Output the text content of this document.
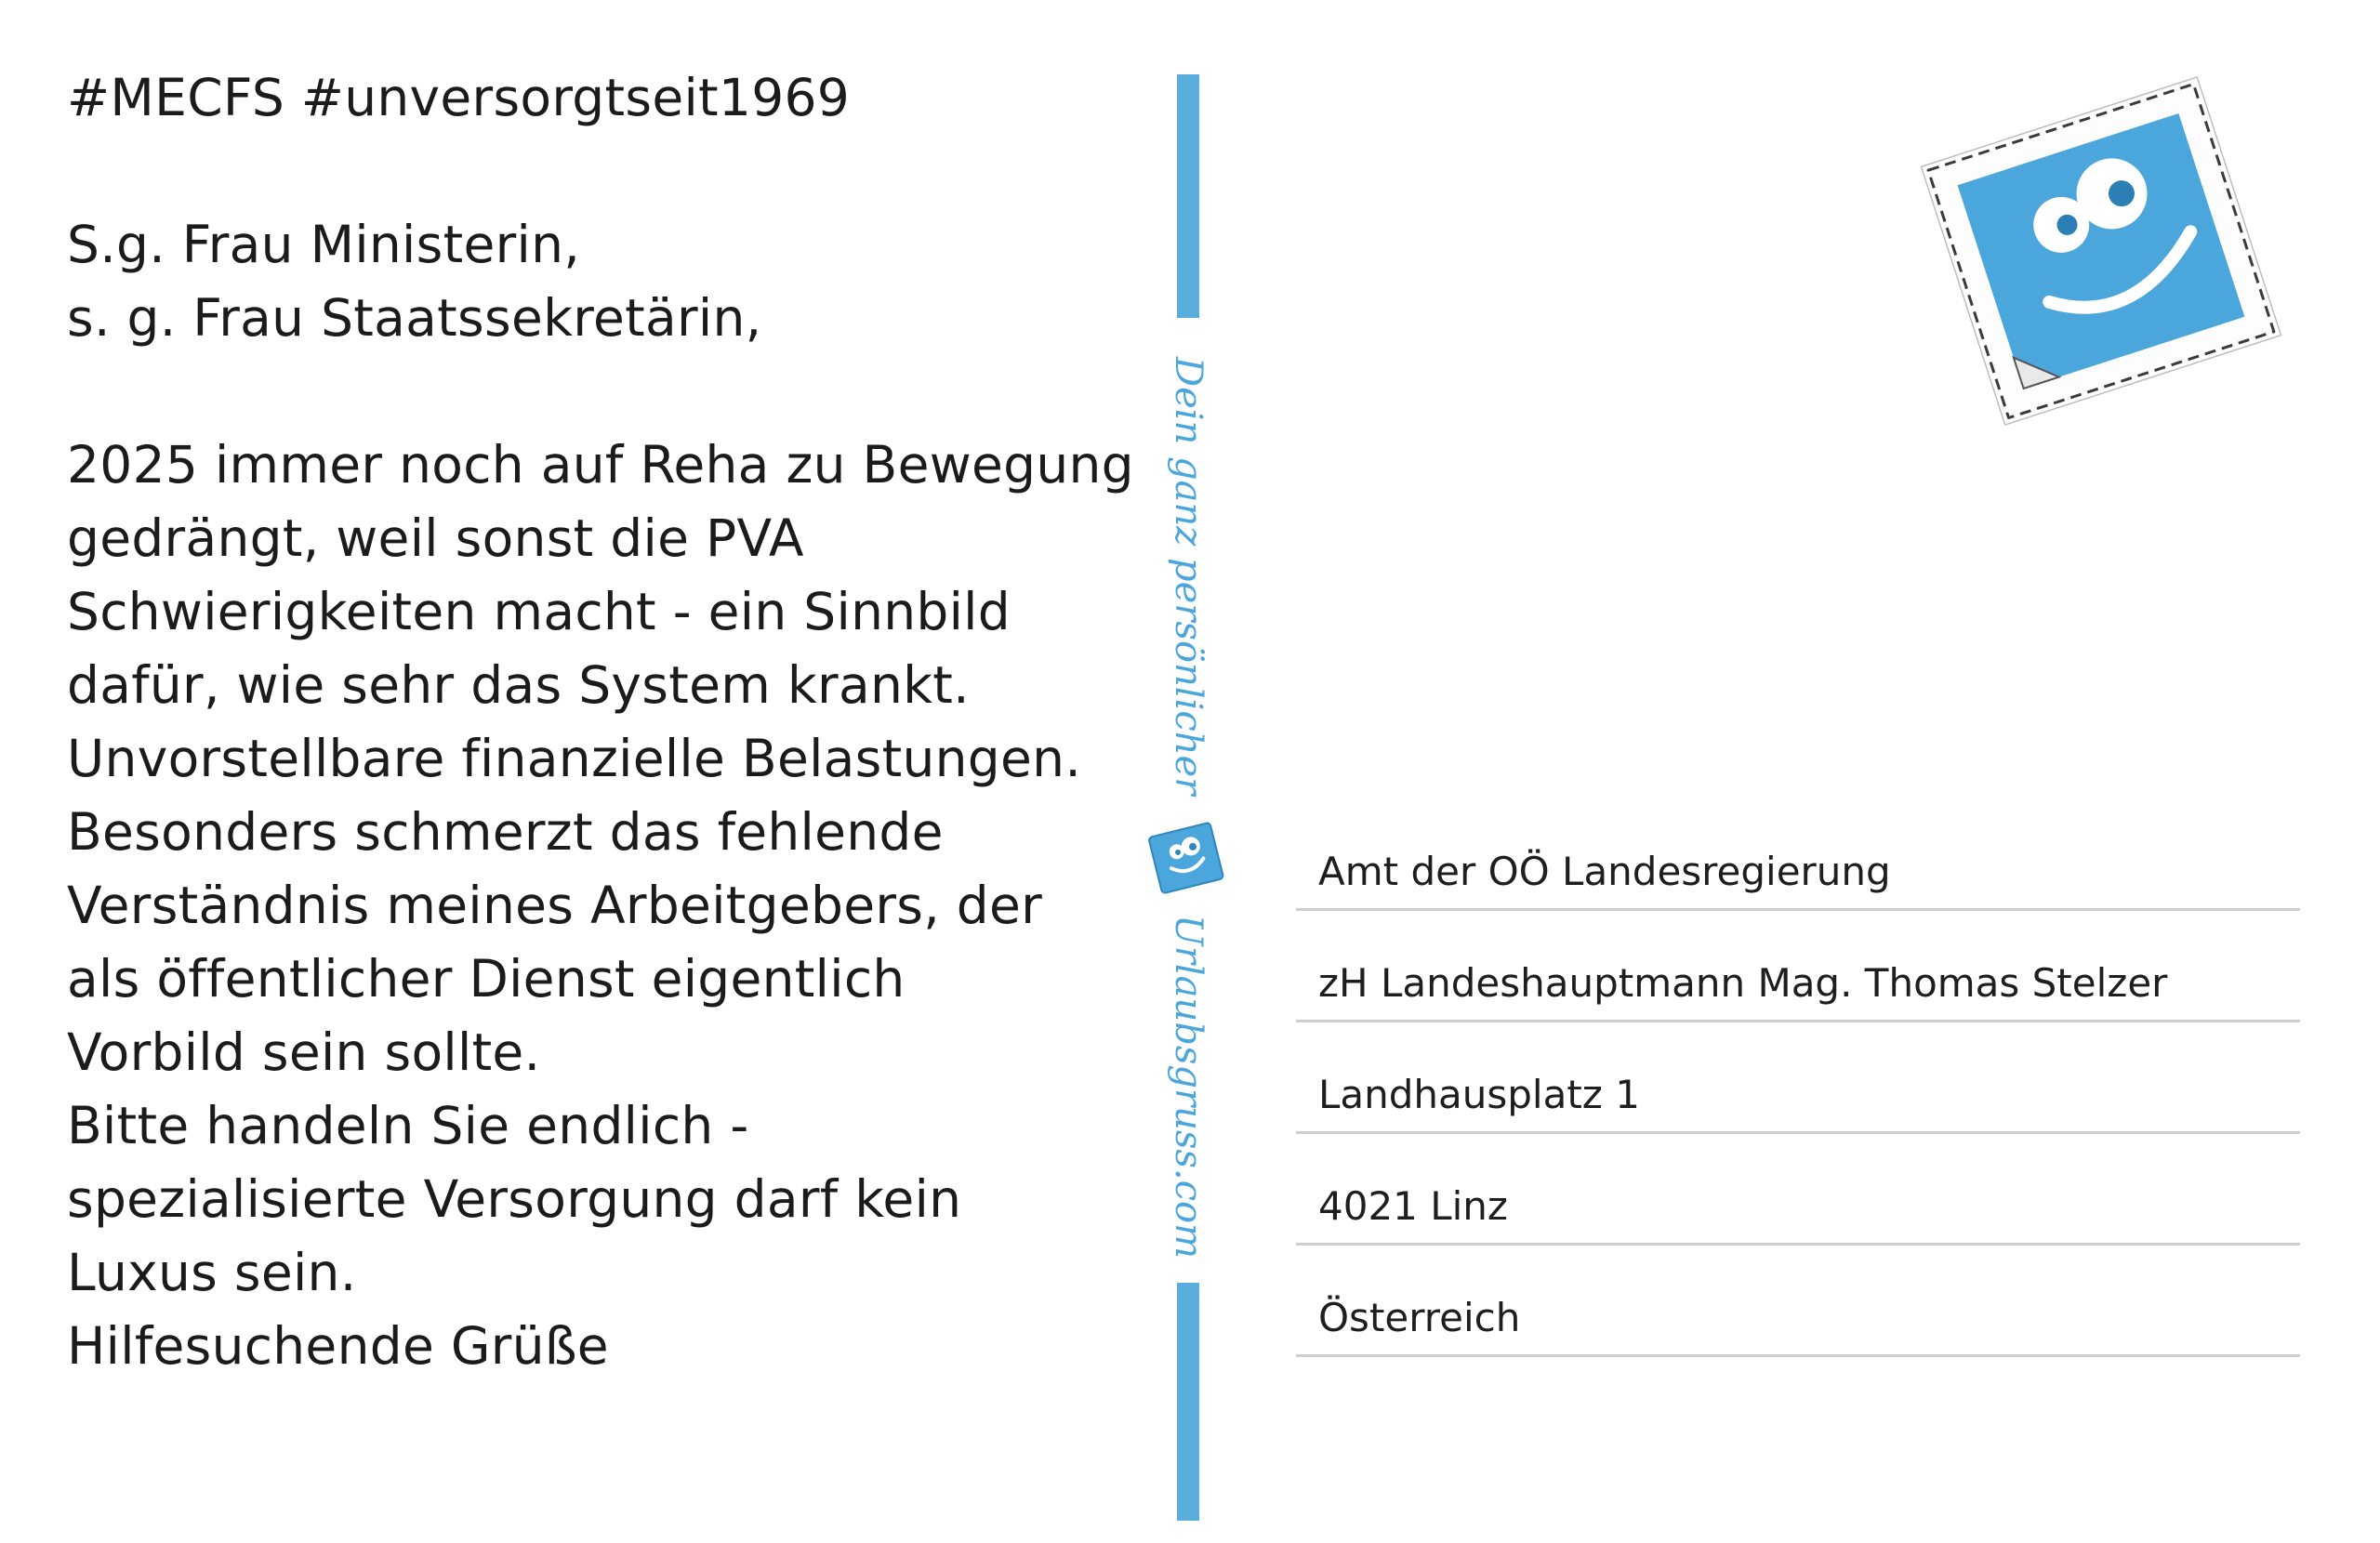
#MECFS #unversorgtseit1969
S.g. Frau Ministerin,
s. g. Frau Staatssekretärin,
2025 immer noch auf Reha zu Bewegung
gedrängt, weil sonst die PVA
Schwierigkeiten macht - ein Sinnbild
dafür, wie sehr das System krankt.
Unvorstellbare finanzielle Belastungen.
Besonders schmerzt das fehlende
Verständnis meines Arbeitgebers, der
als öffentlicher Dienst eigentlich
Vorbild sein sollte.
Bitte handeln Sie endlich -
spezialisierte Versorgung darf kein
Luxus sein.
Hilfesuchende Grüße
Dein ganz persönlicher
Urlaubsgruss.com
Amt der OÖ Landesregierung
zH Landeshauptmann Mag. Thomas Stelzer
Landhausplatz 1
4021 Linz
Österreich
